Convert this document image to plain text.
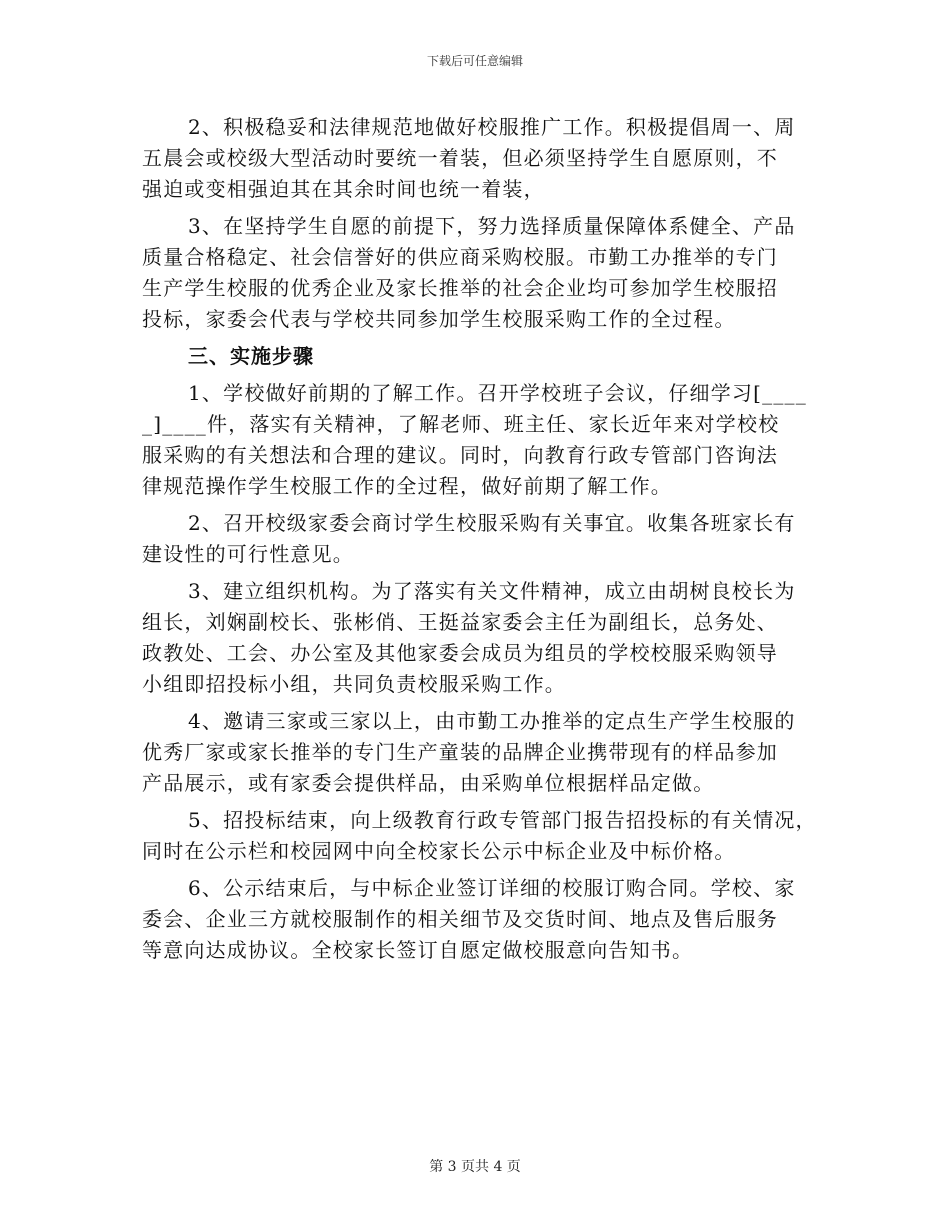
下载后可任意编辑

2、积极稳妥和法律规范地做好校服推广工作。积极提倡周一、周
五晨会或校级大型活动时要统一着装，但必须坚持学生自愿原则，不
强迫或变相强迫其在其余时间也统一着装，

3、在坚持学生自愿的前提下，努力选择质量保障体系健全、产品
质量合格稳定、社会信誉好的供应商采购校服。市勤工办推举的专门
生产学生校服的优秀企业及家长推举的社会企业均可参加学生校服招
投标，家委会代表与学校共同参加学生校服采购工作的全过程。

三、实施步骤

1、学校做好前期的了解工作。召开学校班子会议，仔细学习[____
_]____件，落实有关精神，了解老师、班主任、家长近年来对学校校
服采购的有关想法和合理的建议。同时，向教育行政专管部门咨询法
律规范操作学生校服工作的全过程，做好前期了解工作。

2、召开校级家委会商讨学生校服采购有关事宜。收集各班家长有
建设性的可行性意见。

3、建立组织机构。为了落实有关文件精神，成立由胡树良校长为
组长，刘娴副校长、张彬俏、王挺益家委会主任为副组长，总务处、
政教处、工会、办公室及其他家委会成员为组员的学校校服采购领导
小组即招投标小组，共同负责校服采购工作。

4、邀请三家或三家以上，由市勤工办推举的定点生产学生校服的
优秀厂家或家长推举的专门生产童装的品牌企业携带现有的样品参加
产品展示，或有家委会提供样品，由采购单位根据样品定做。

5、招投标结束，向上级教育行政专管部门报告招投标的有关情况，
同时在公示栏和校园网中向全校家长公示中标企业及中标价格。

6、公示结束后，与中标企业签订详细的校服订购合同。学校、家
委会、企业三方就校服制作的相关细节及交货时间、地点及售后服务
等意向达成协议。全校家长签订自愿定做校服意向告知书。

第 3 页共 4 页
